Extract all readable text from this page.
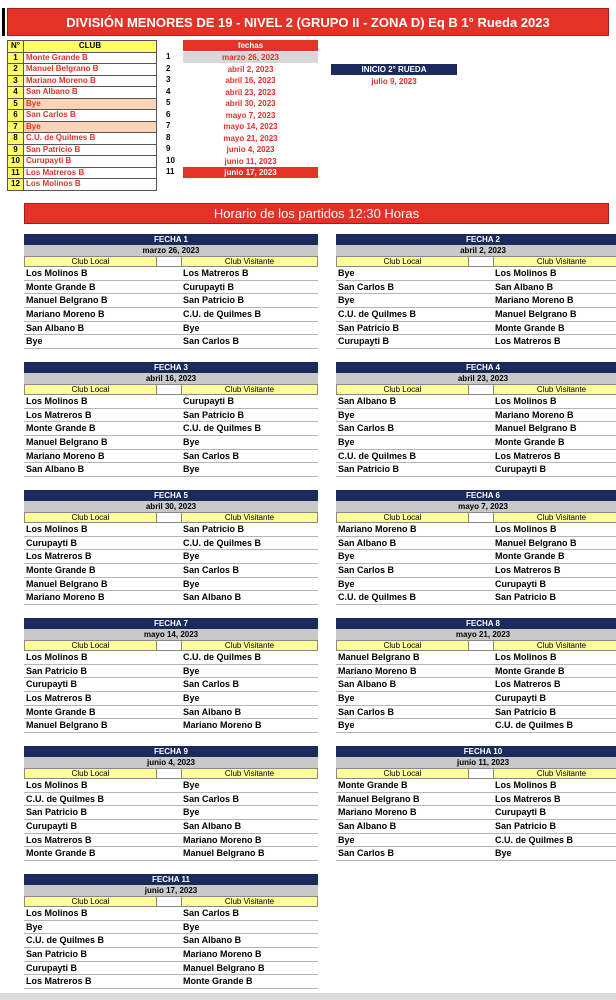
DIVISIÓN MENORES DE 19 - NIVEL 2 (GRUPO II - ZONA D) Eq B 1° Rueda 2023
N°	CLUB
1	Monte Grande B
2	Manuel Belgrano B
3	Mariano Moreno B
4	San Albano B
5	Bye
6	San Carlos B
7	Bye
8	C.U. de Quilmes B
9	San Patricio B
10	Curupayti B
11	Los Matreros B
12	Los Molinos B
1	marzo 26, 2023
2	abril 2, 2023
3	abril 16, 2023
4	abril 23, 2023
5	abril 30, 2023
6	mayo 7, 2023
7	mayo 14, 2023
8	mayo 21, 2023
9	junio 4, 2023
10	junio 11, 2023
11	junio 17, 2023
fechas
INICIO 2° RUEDA
julio 9, 2023
Horario de los partidos 12:30 Horas
FECHA 1
marzo 26, 2023
Club Local	Club Visitante
Los Molinos B	Los Matreros B
Monte Grande B	Curupayti B
Manuel Belgrano B	San Patricio B
Mariano Moreno B	C.U. de Quilmes B
San Albano B	Bye
Bye	San Carlos B
FECHA 2
abril 2, 2023
Club Local	Club Visitante
Bye	Los Molinos B
San Carlos B	San Albano B
Bye	Mariano Moreno B
C.U. de Quilmes B	Manuel Belgrano B
San Patricio B	Monte Grande B
Curupayti B	Los Matreros B
FECHA 3
abril 16, 2023
Club Local	Club Visitante
Los Molinos B	Curupayti B
Los Matreros B	San Patricio B
Monte Grande B	C.U. de Quilmes B
Manuel Belgrano B	Bye
Mariano Moreno B	San Carlos B
San Albano B	Bye
FECHA 4
abril 23, 2023
Club Local	Club Visitante
San Albano B	Los Molinos B
Bye	Mariano Moreno B
San Carlos B	Manuel Belgrano B
Bye	Monte Grande B
C.U. de Quilmes B	Los Matreros B
San Patricio B	Curupayti B
FECHA 5
abril 30, 2023
Club Local	Club Visitante
Los Molinos B	San Patricio B
Curupayti B	C.U. de Quilmes B
Los Matreros B	Bye
Monte Grande B	San Carlos B
Manuel Belgrano B	Bye
Mariano Moreno B	San Albano B
FECHA 6
mayo 7, 2023
Club Local	Club Visitante
Mariano Moreno B	Los Molinos B
San Albano B	Manuel Belgrano B
Bye	Monte Grande B
San Carlos B	Los Matreros B
Bye	Curupayti B
C.U. de Quilmes B	San Patricio B
FECHA 7
mayo 14, 2023
Club Local	Club Visitante
Los Molinos B	C.U. de Quilmes B
San Patricio B	Bye
Curupayti B	San Carlos B
Los Matreros B	Bye
Monte Grande B	San Albano B
Manuel Belgrano B	Mariano Moreno B
FECHA 8
mayo 21, 2023
Club Local	Club Visitante
Manuel Belgrano B	Los Molinos B
Mariano Moreno B	Monte Grande B
San Albano B	Los Matreros B
Bye	Curupayti B
San Carlos B	San Patricio B
Bye	C.U. de Quilmes B
FECHA 9
junio 4, 2023
Club Local	Club Visitante
Los Molinos B	Bye
C.U. de Quilmes B	San Carlos B
San Patricio B	Bye
Curupayti B	San Albano B
Los Matreros B	Mariano Moreno B
Monte Grande B	Manuel Belgrano B
FECHA 10
junio 11, 2023
Club Local	Club Visitante
Monte Grande B	Los Molinos B
Manuel Belgrano B	Los Matreros B
Mariano Moreno B	Curupayti B
San Albano B	San Patricio B
Bye	C.U. de Quilmes B
San Carlos B	Bye
FECHA 11
junio 17, 2023
Club Local	Club Visitante
Los Molinos B	San Carlos B
Bye	Bye
C.U. de Quilmes B	San Albano B
San Patricio B	Mariano Moreno B
Curupayti B	Manuel Belgrano B
Los Matreros B	Monte Grande B
